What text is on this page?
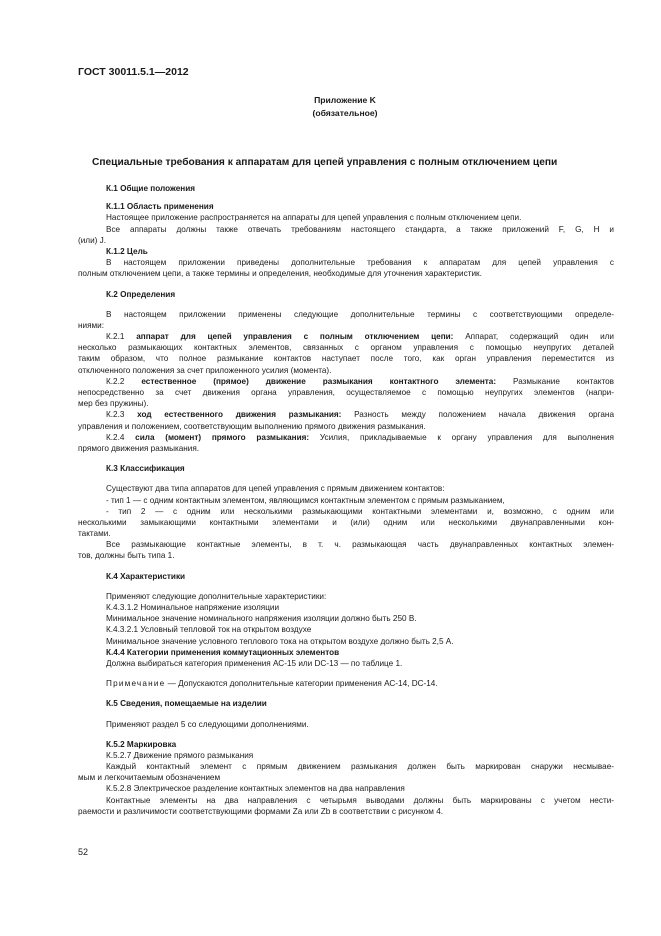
ГОСТ 30011.5.1—2012
Приложение K
(обязательное)
Специальные требования к аппаратам для цепей управления с полным отключением цепи
К.1 Общие положения
К.1.1 Область применения
Настоящее приложение распространяется на аппараты для цепей управления с полным отключением цепи.
Все аппараты должны также отвечать требованиям настоящего стандарта, а также приложений F, G, H и
(или) J.
К.1.2 Цель
В настоящем приложении приведены дополнительные требования к аппаратам для цепей управления с
полным отключением цепи, а также термины и определения, необходимые для уточнения характеристик.
К.2 Определения
В настоящем приложении применены следующие дополнительные термины с соответствующими определе-
ниями:
К.2.1 аппарат для цепей управления с полным отключением цепи: Аппарат, содержащий один или
несколько размыкающих контактных элементов, связанных с органом управления с помощью неупругих деталей
таким образом, что полное размыкание контактов наступает после того, как орган управления переместится из
отключенного положения за счет приложенного усилия (момента).
К.2.2 естественное (прямое) движение размыкания контактного элемента: Размыкание контактов
непосредственно за счет движения органа управления, осуществляемое с помощью неупругих элементов (напри-
мер без пружины).
К.2.3 ход естественного движения размыкания: Разность между положением начала движения органа
управления и положением, соответствующим выполнению прямого движения размыкания.
К.2.4 сила (момент) прямого размыкания: Усилия, прикладываемые к органу управления для выполнения
прямого движения размыкания.
К.3 Классификация
Существуют два типа аппаратов для цепей управления с прямым движением контактов:
- тип 1 — с одним контактным элементом, являющимся контактным элементом с прямым размыканием,
- тип 2 — с одним или несколькими размыкающими контактными элементами и, возможно, с одним или
несколькими замыкающими контактными элементами и (или) одним или несколькими двунаправленными кон-
тактами.
Все размыкающие контактные элементы, в т. ч. размыкающая часть двунаправленных контактных элемен-
тов, должны быть типа 1.
К.4 Характеристики
Применяют следующие дополнительные характеристики:
К.4.3.1.2 Номинальное напряжение изоляции
Минимальное значение номинального напряжения изоляции должно быть 250 В.
К.4.3.2.1 Условный тепловой ток на открытом воздухе
Минимальное значение условного теплового тока на открытом воздухе должно быть 2,5 А.
К.4.4 Категории применения коммутационных элементов
Должна выбираться категория применения АС-15 или DC-13 — по таблице 1.
Примечание — Допускаются дополнительные категории применения АС-14, DC-14.
К.5 Сведения, помещаемые на изделии
Применяют раздел 5 со следующими дополнениями.
К.5.2 Маркировка
К.5.2.7 Движение прямого размыкания
Каждый контактный элемент с прямым движением размыкания должен быть маркирован снаружи несмывае-
мым и легкочитаемым обозначением
К.5.2.8 Электрическое разделение контактных элементов на два направления
Контактные элементы на два направления с четырьмя выводами должны быть маркированы с учетом нести-
раемости и различимости соответствующими формами Za или Zb в соответствии с рисунком 4.
52
